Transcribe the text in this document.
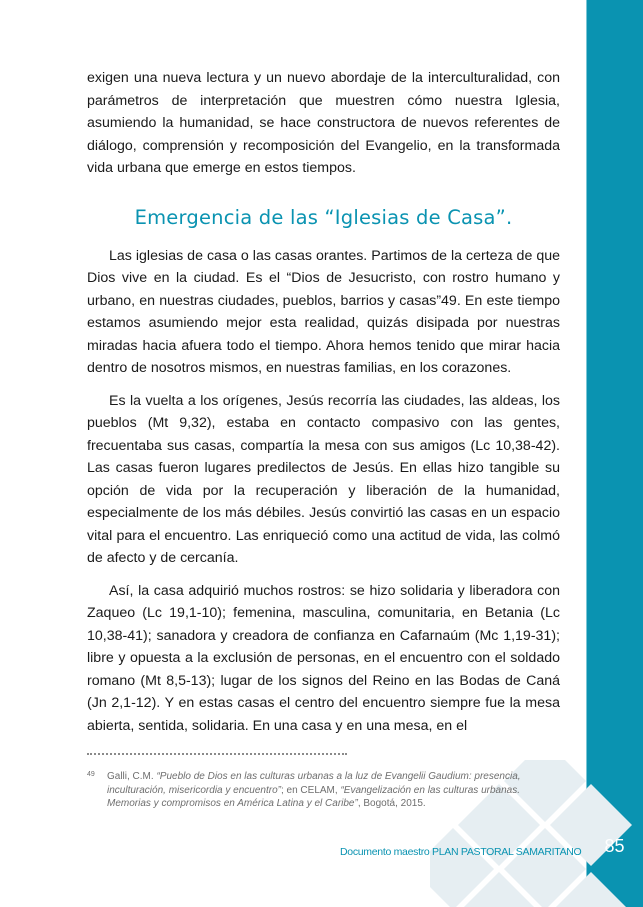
exigen una nueva lectura y un nuevo abordaje de la interculturalidad, con parámetros de interpretación que muestren cómo nuestra Iglesia, asumiendo la humanidad, se hace constructora de nuevos referentes de diálogo, comprensión y recomposición del Evangelio, en la transformada vida urbana que emerge en estos tiempos.

Emergencia de las “Iglesias de Casa”.

Las iglesias de casa o las casas orantes. Partimos de la certeza de que Dios vive en la ciudad. Es el “Dios de Jesucristo, con rostro humano y urbano, en nuestras ciudades, pueblos, barrios y casas”49. En este tiempo estamos asumiendo mejor esta realidad, quizás disipada por nuestras miradas hacia afuera todo el tiempo. Ahora hemos tenido que mirar hacia dentro de nosotros mismos, en nuestras familias, en los corazones.

Es la vuelta a los orígenes, Jesús recorría las ciudades, las aldeas, los pueblos (Mt 9,32), estaba en contacto compasivo con las gentes, frecuentaba sus casas, compartía la mesa con sus amigos (Lc 10,38-42). Las casas fueron lugares predilectos de Jesús. En ellas hizo tangible su opción de vida por la recuperación y liberación de la humanidad, especialmente de los más débiles. Jesús convirtió las casas en un espacio vital para el encuentro. Las enriqueció como una actitud de vida, las colmó de afecto y de cercanía.

Así, la casa adquirió muchos rostros: se hizo solidaria y liberadora con Zaqueo (Lc 19,1-10); femenina, masculina, comunitaria, en Betania (Lc 10,38-41); sanadora y creadora de confianza en Cafarnaúm (Mc 1,19-31); libre y opuesta a la exclusión de personas, en el encuentro con el soldado romano (Mt 8,5-13); lugar de los signos del Reino en las Bodas de Caná (Jn 2,1-12). Y en estas casas el centro del encuentro siempre fue la mesa abierta, sentida, solidaria. En una casa y en una mesa, en el

49	Galli, C.M. “Pueblo de Dios en las culturas urbanas a la luz de Evangelii Gaudium: presencia, inculturación, misericordia y encuentro”; en CELAM, “Evangelización en las culturas urbanas. Memorias y compromisos en América Latina y el Caribe”, Bogotá, 2015.
Documento maestro PLAN PASTORAL SAMARITANO	85
